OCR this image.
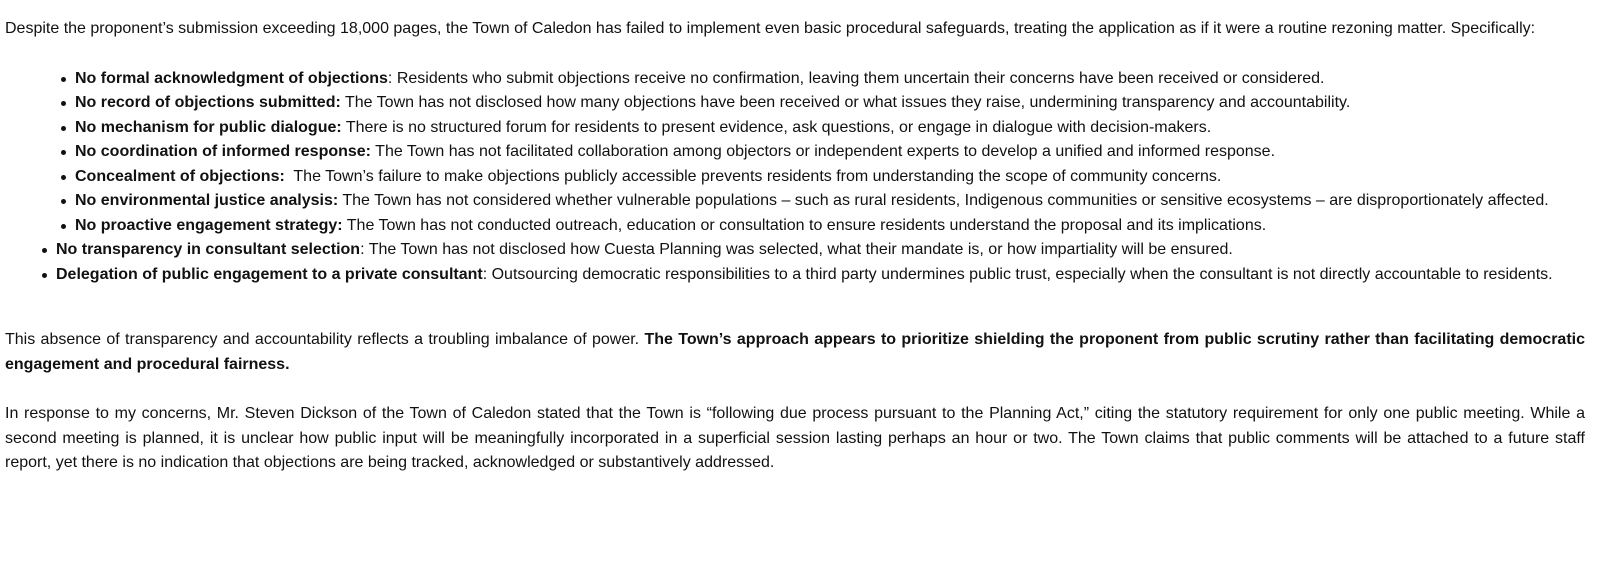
Despite the proponent’s submission exceeding 18,000 pages, the Town of Caledon has failed to implement even basic procedural safeguards, treating the application as if it were a routine rezoning matter. Specifically:

No formal acknowledgment of objections: Residents who submit objections receive no confirmation, leaving them uncertain their concerns have been received or considered.
No record of objections submitted: The Town has not disclosed how many objections have been received or what issues they raise, undermining transparency and accountability.
No mechanism for public dialogue: There is no structured forum for residents to present evidence, ask questions, or engage in dialogue with decision-makers.
No coordination of informed response: The Town has not facilitated collaboration among objectors or independent experts to develop a unified and informed response.
Concealment of objections: The Town’s failure to make objections publicly accessible prevents residents from understanding the scope of community concerns.
No environmental justice analysis: The Town has not considered whether vulnerable populations – such as rural residents, Indigenous communities or sensitive ecosystems – are disproportionately affected.
No proactive engagement strategy: The Town has not conducted outreach, education or consultation to ensure residents understand the proposal and its implications.
No transparency in consultant selection: The Town has not disclosed how Cuesta Planning was selected, what their mandate is, or how impartiality will be ensured.
Delegation of public engagement to a private consultant: Outsourcing democratic responsibilities to a third party undermines public trust, especially when the consultant is not directly accountable to residents.

This absence of transparency and accountability reflects a troubling imbalance of power. The Town’s approach appears to prioritize shielding the proponent from public scrutiny rather than facilitating democratic engagement and procedural fairness.

In response to my concerns, Mr. Steven Dickson of the Town of Caledon stated that the Town is “following due process pursuant to the Planning Act,” citing the statutory requirement for only one public meeting. While a second meeting is planned, it is unclear how public input will be meaningfully incorporated in a superficial session lasting perhaps an hour or two. The Town claims that public comments will be attached to a future staff report, yet there is no indication that objections are being tracked, acknowledged or substantively addressed.
